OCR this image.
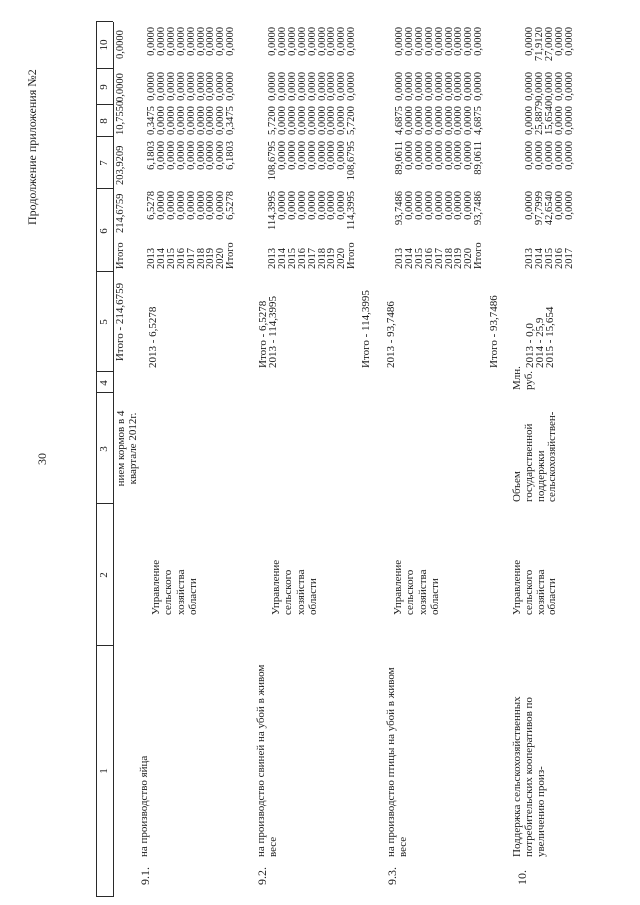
30
Продолжение приложения №2
1
2
3
4
5
6
7
8
9
10
нием кормов в 4 квартале 2012г.
Итого - 214,6759
Итого
214,6759
203,9209
10,7550
0,0000
0,0000
9.1.
на производство яйца
Управление сельского хозяйства области
2013 - 6,5278
2013
2014
2015
2016
2017
2018
2019
2020
Итого
6,5278
0,0000
0,0000
0,0000
0,0000
0,0000
0,0000
0,0000
6,5278
6,1803
0,0000
0,0000
0,0000
0,0000
0,0000
0,0000
0,0000
6,1803
0,3475
0,0000
0,0000
0,0000
0,0000
0,0000
0,0000
0,0000
0,3475
0,0000
0,0000
0,0000
0,0000
0,0000
0,0000
0,0000
0,0000
0,0000
0,0000
0,0000
0,0000
0,0000
0,0000
0,0000
0,0000
0,0000
0,0000
9.2.
на производство свиней на убой в живом весе
Управление сельского хозяйства области
Итого - 6,5278
2013 - 114,3995	Итого - 114,3995
2013
2014
2015
2016
2017
2018
2019
2020
Итого
114,3995
0,0000
0,0000
0,0000
0,0000
0,0000
0,0000
0,0000
114,3995
108,6795
0,0000
0,0000
0,0000
0,0000
0,0000
0,0000
0,0000
108,6795
5,7200
0,0000
0,0000
0,0000
0,0000
0,0000
0,0000
0,0000
5,7200
0,0000
0,0000
0,0000
0,0000
0,0000
0,0000
0,0000
0,0000
0,0000
0,0000
0,0000
0,0000
0,0000
0,0000
0,0000
0,0000
0,0000
0,0000
9.3.
на производство птицы на убой в живом весе
Управление сельского хозяйства области
2013 - 93,7486	Итого - 93,7486
2013
2014
2015
2016
2017
2018
2019
2020
Итого
93,7486
0,0000
0,0000
0,0000
0,0000
0,0000
0,0000
0,0000
93,7486
89,0611
0,0000
0,0000
0,0000
0,0000
0,0000
0,0000
0,0000
89,0611
4,6875
0,0000
0,0000
0,0000
0,0000
0,0000
0,0000
0,0000
4,6875
0,0000
0,0000
0,0000
0,0000
0,0000
0,0000
0,0000
0,0000
0,0000
0,0000
0,0000
0,0000
0,0000
0,0000
0,0000
0,0000
0,0000
0,0000
10.
Поддержка сельскохозяйственных потребительских кооперативов по увеличению произ-
Управление сельского хозяйства области
Объем государственной поддержки сельскохозяйствен-
Млн. руб.
2013 - 0,0
2014 - 25,9
2015 - 15,654
2013
2014
2015
2016
2017
0,0000
97,7999
42,6540
0,0000
0,0000
0,0000
0,0000
0,0000
0,0000
0,0000
0,0000
25,8879
15,6540
0,0000
0,0000
0,0000
0,0000
0,0000
0,0000
0,0000
0,0000
71,9120
27,0000
0,0000
0,0000
